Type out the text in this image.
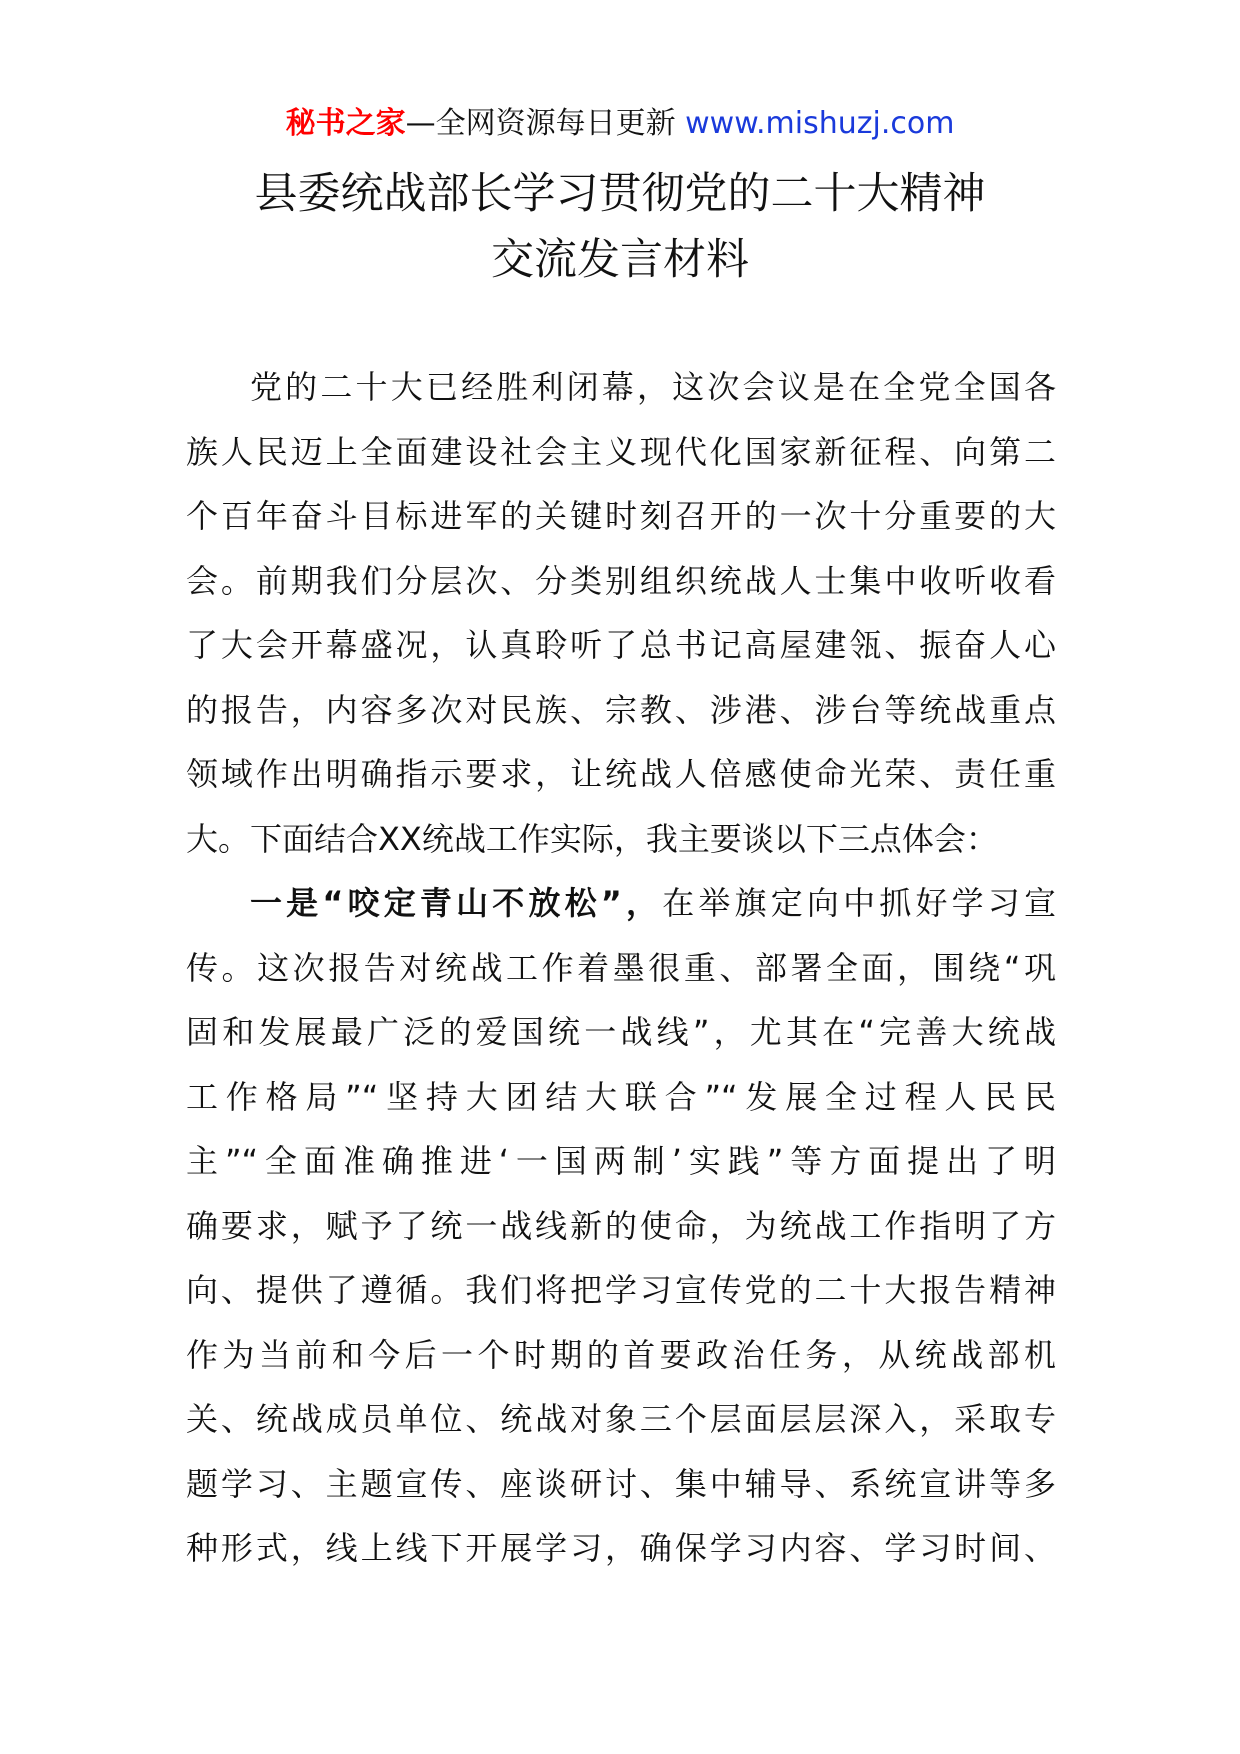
秘书之家—全网资源每日更新 www.mishuzj.com
县委统战部长学习贯彻党的二十大精神
交流发言材料
党的二十大已经胜利闭幕，这次会议是在全党全国各
族人民迈上全面建设社会主义现代化国家新征程、向第二
个百年奋斗目标进军的关键时刻召开的一次十分重要的大
会。前期我们分层次、分类别组织统战人士集中收听收看
了大会开幕盛况，认真聆听了总书记高屋建瓴、振奋人心
的报告，内容多次对民族、宗教、涉港、涉台等统战重点
领域作出明确指示要求，让统战人倍感使命光荣、责任重
大。下面结合XX统战工作实际，我主要谈以下三点体会：
一是“咬定青山不放松”，在举旗定向中抓好学习宣
传。这次报告对统战工作着墨很重、部署全面，围绕“巩
固和发展最广泛的爱国统一战线”，尤其在“完善大统战
工作格局”“坚持大团结大联合”“发展全过程人民民
主”“全面准确推进‘一国两制’实践”等方面提出了明
确要求，赋予了统一战线新的使命，为统战工作指明了方
向、提供了遵循。我们将把学习宣传党的二十大报告精神
作为当前和今后一个时期的首要政治任务，从统战部机
关、统战成员单位、统战对象三个层面层层深入，采取专
题学习、主题宣传、座谈研讨、集中辅导、系统宣讲等多
种形式，线上线下开展学习，确保学习内容、学习时间、
